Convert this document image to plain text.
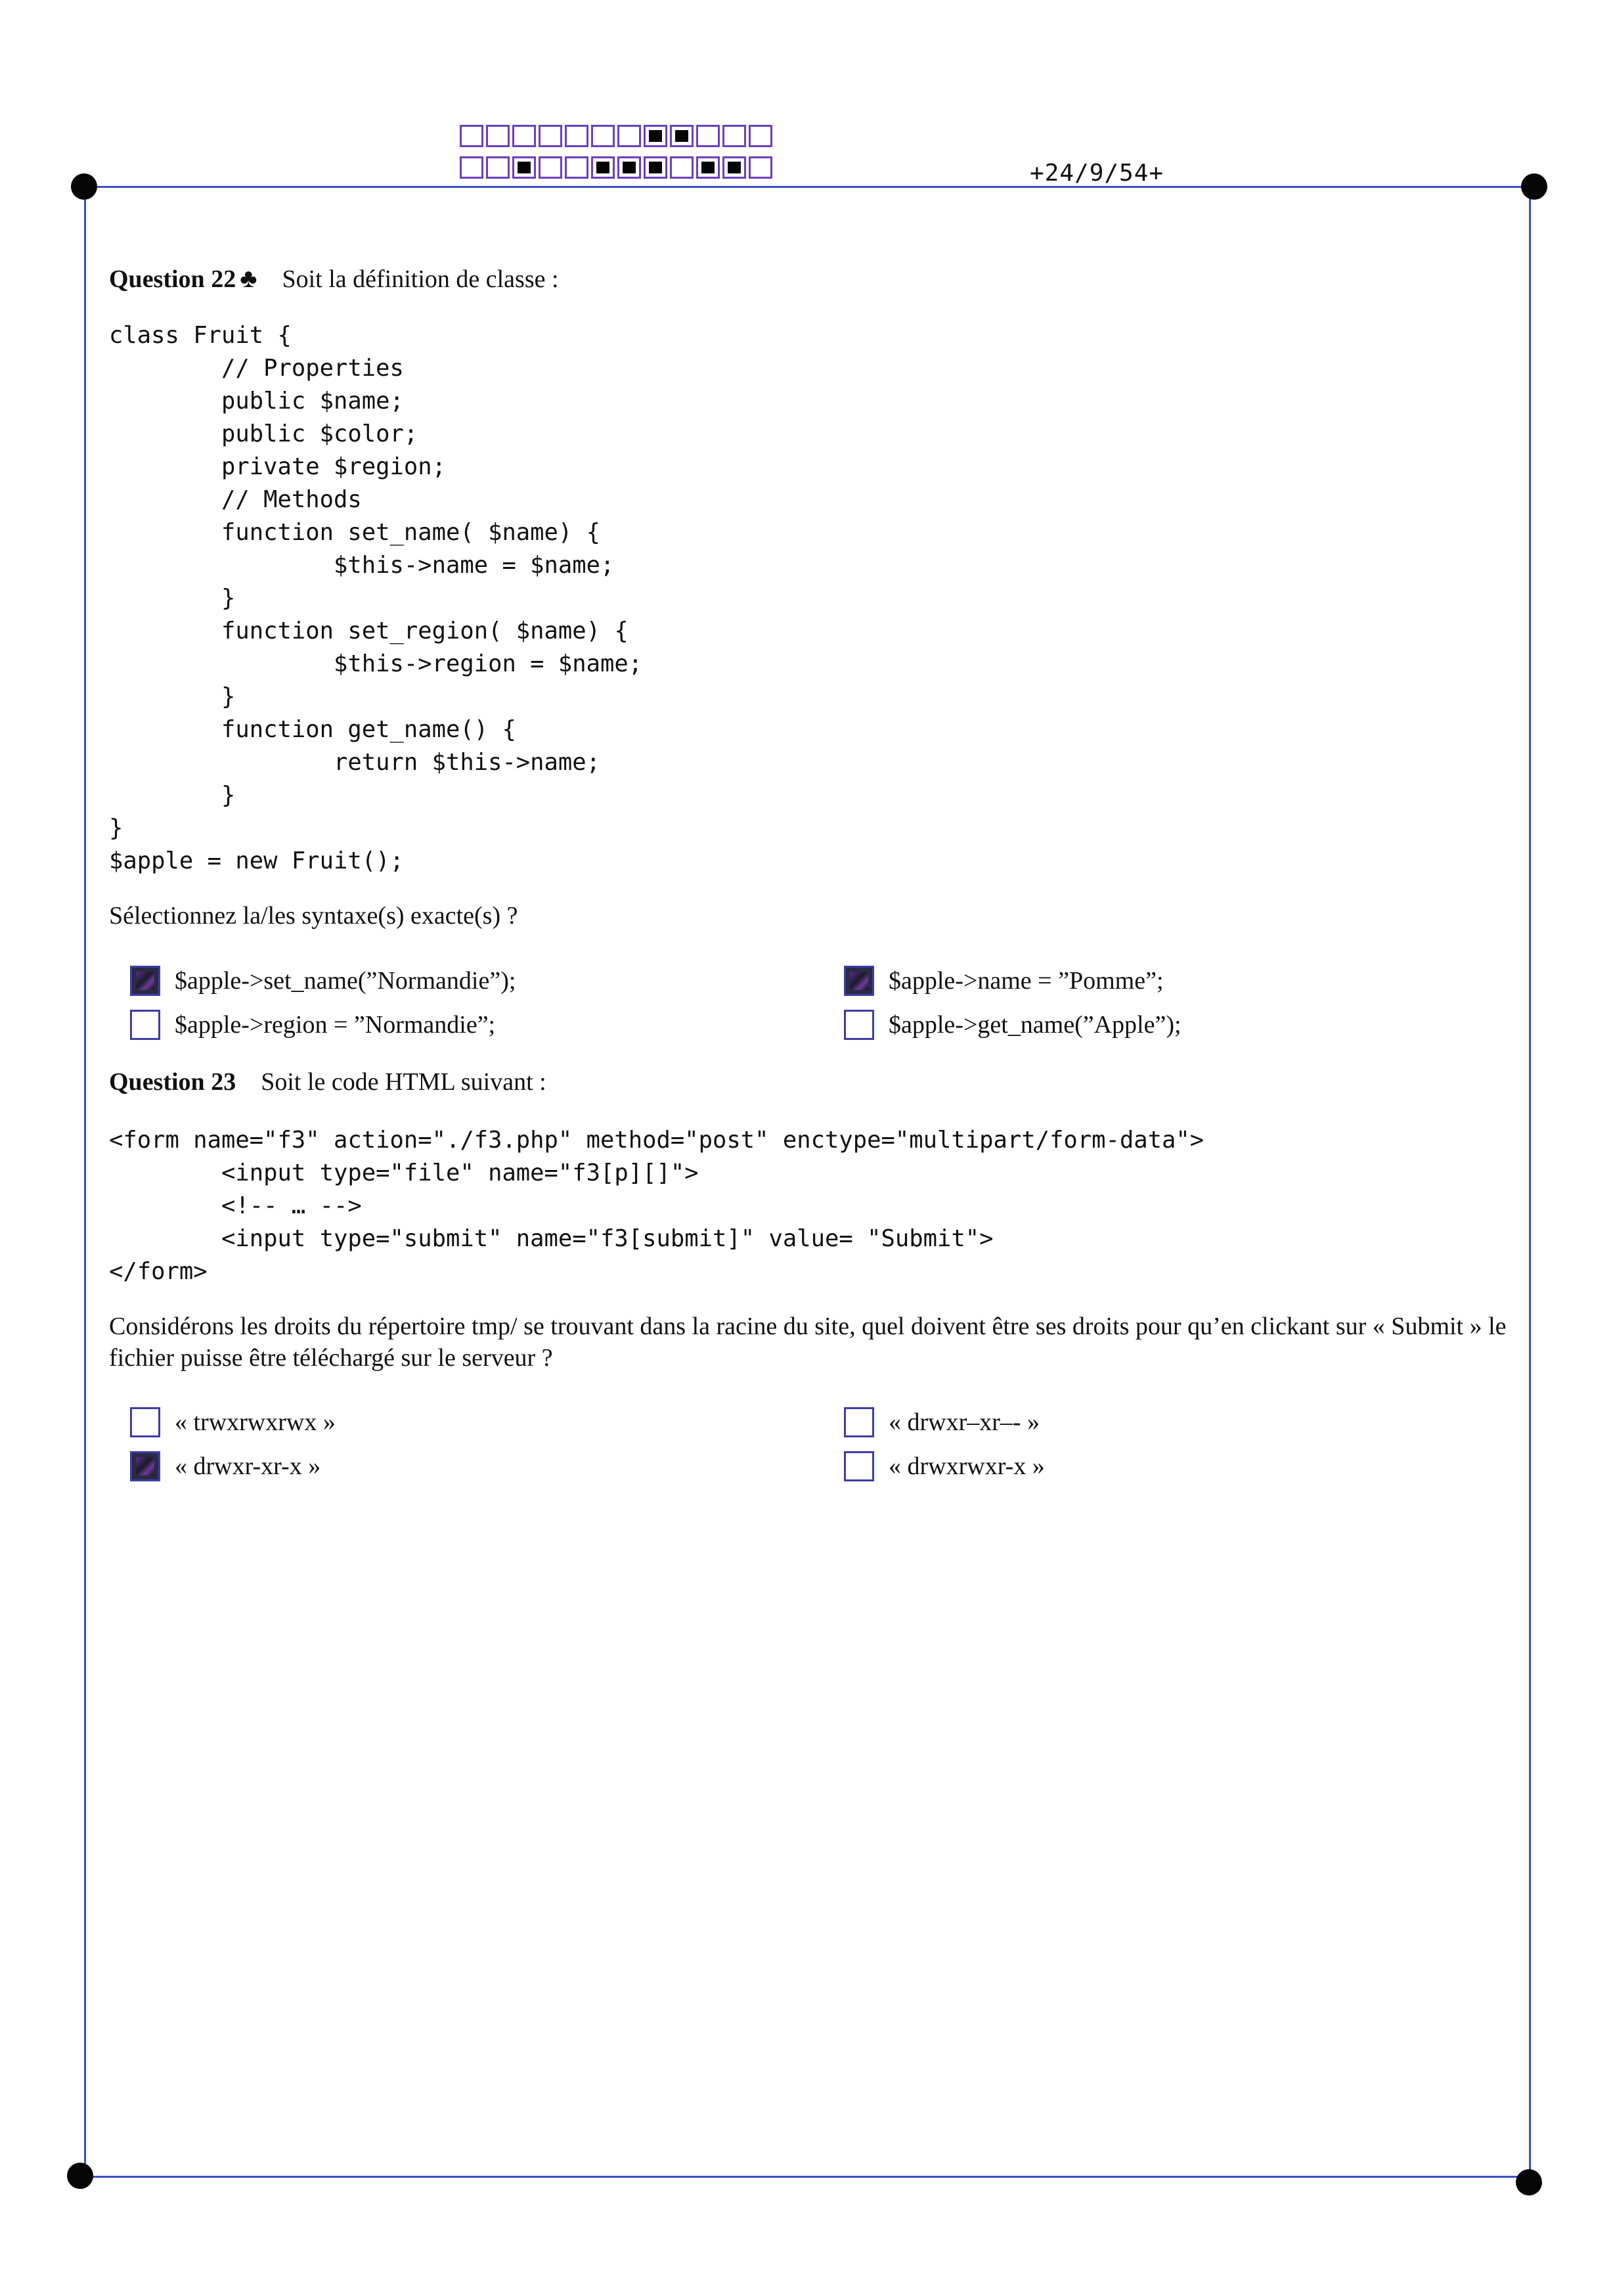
+24/9/54+
Question 22 ♣ Soit la définition de classe :
class Fruit {
// Properties
public $name;
public $color;
private $region;
// Methods
function set_name( $name) {
$this->name = $name;
}
function set_region( $name) {
$this->region = $name;
}
function get_name() {
return $this->name;
}
}
$apple = new Fruit();

Sélectionnez la/les syntaxe(s) exacte(s) ?

$apple->set_name(”Normandie”);	$apple->name = ”Pomme”;
$apple->region = ”Normandie”;	$apple->get_name(”Apple”);
Question 23 Soit le code HTML suivant :
<form name="f3" action="./f3.php" method="post" enctype="multipart/form-data">
<input type="file" name="f3[p][]">
<!-- … -->
<input type="submit" name="f3[submit]" value= "Submit">
</form>

Considérons les droits du répertoire tmp/ se trouvant dans la racine du site, quel doivent être ses droits pour qu’en clickant sur « Submit » le fichier puisse être téléchargé sur le serveur ?

« trwxrwxrwx »	« drwxr–xr–- »
« drwxr-xr-x »	« drwxrwxr-x »
